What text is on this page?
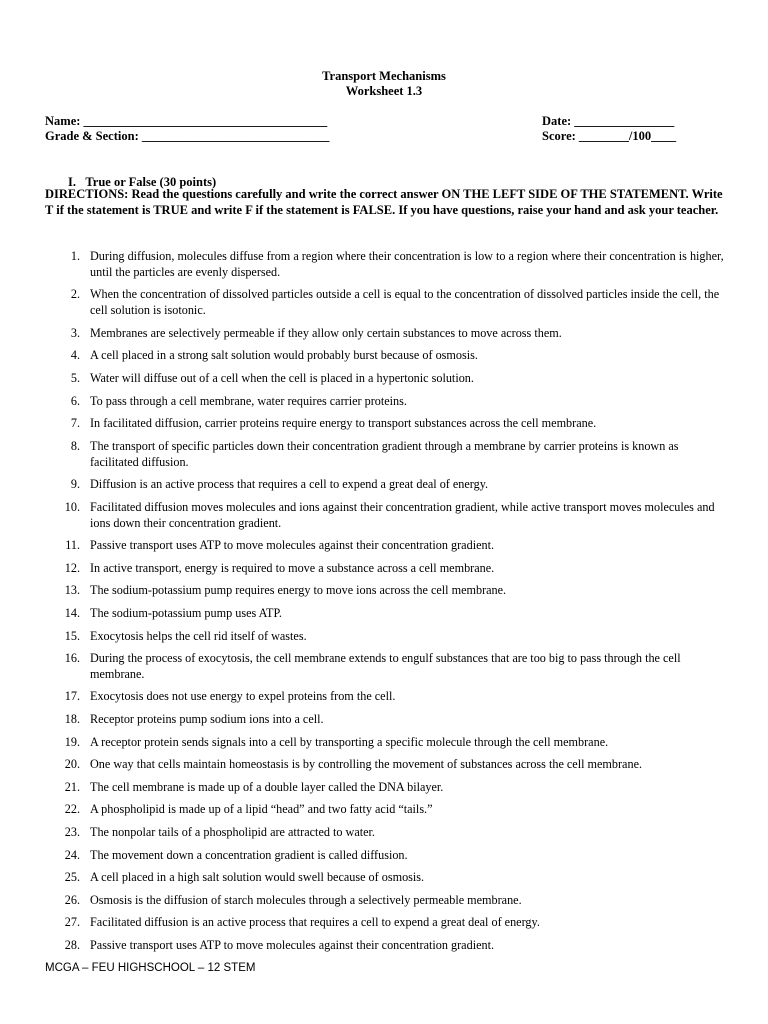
Transport Mechanisms
Worksheet 1.3
Name: _______________________________________
Grade & Section: ______________________________
Date: ________________
Score: ________/100____
I.   True or False (30 points)
DIRECTIONS: Read the questions carefully and write the correct answer ON THE LEFT SIDE OF THE STATEMENT. Write T if the statement is TRUE and write F if the statement is FALSE. If you have questions, raise your hand and ask your teacher.
1. During diffusion, molecules diffuse from a region where their concentration is low to a region where their concentration is higher, until the particles are evenly dispersed.
2. When the concentration of dissolved particles outside a cell is equal to the concentration of dissolved particles inside the cell, the cell solution is isotonic.
3. Membranes are selectively permeable if they allow only certain substances to move across them.
4. A cell placed in a strong salt solution would probably burst because of osmosis.
5. Water will diffuse out of a cell when the cell is placed in a hypertonic solution.
6. To pass through a cell membrane, water requires carrier proteins.
7. In facilitated diffusion, carrier proteins require energy to transport substances across the cell membrane.
8. The transport of specific particles down their concentration gradient through a membrane by carrier proteins is known as facilitated diffusion.
9. Diffusion is an active process that requires a cell to expend a great deal of energy.
10. Facilitated diffusion moves molecules and ions against their concentration gradient, while active transport moves molecules and ions down their concentration gradient.
11. Passive transport uses ATP to move molecules against their concentration gradient.
12. In active transport, energy is required to move a substance across a cell membrane.
13. The sodium-potassium pump requires energy to move ions across the cell membrane.
14. The sodium-potassium pump uses ATP.
15. Exocytosis helps the cell rid itself of wastes.
16. During the process of exocytosis, the cell membrane extends to engulf substances that are too big to pass through the cell membrane.
17. Exocytosis does not use energy to expel proteins from the cell.
18. Receptor proteins pump sodium ions into a cell.
19. A receptor protein sends signals into a cell by transporting a specific molecule through the cell membrane.
20. One way that cells maintain homeostasis is by controlling the movement of substances across the cell membrane.
21. The cell membrane is made up of a double layer called the DNA bilayer.
22. A phospholipid is made up of a lipid “head” and two fatty acid “tails.”
23. The nonpolar tails of a phospholipid are attracted to water.
24. The movement down a concentration gradient is called diffusion.
25. A cell placed in a high salt solution would swell because of osmosis.
26. Osmosis is the diffusion of starch molecules through a selectively permeable membrane.
27. Facilitated diffusion is an active process that requires a cell to expend a great deal of energy.
28. Passive transport uses ATP to move molecules against their concentration gradient.
MCGA – FEU HIGHSCHOOL – 12 STEM
